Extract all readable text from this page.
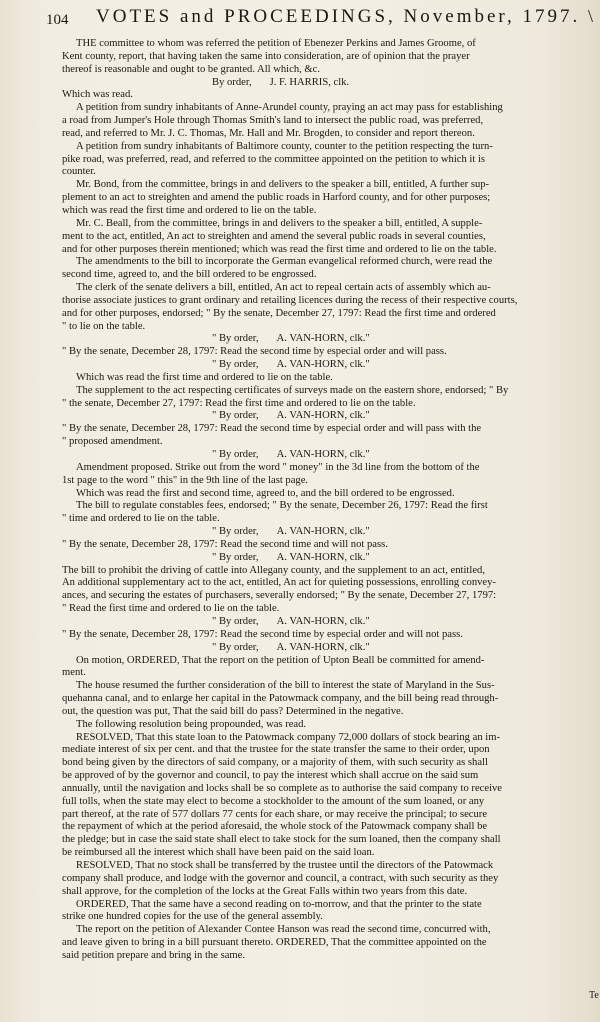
104 VOTES and PROCEEDINGS, November, 1797. \
THE committee to whom was referred the petition of Ebenezer Perkins and James Groome, of
Kent county, report, that having taken the same into consideration, are of opinion that the prayer
thereof is reasonable and ought to be granted. All which, &c.
By order, J. F. HARRIS, clk.
Which was read.
A petition from sundry inhabitants of Anne-Arundel county, praying an act may pass for establishing
a road from Jumper's Hole through Thomas Smith's land to intersect the public road, was preferred,
read, and referred to Mr. J. C. Thomas, Mr. Hall and Mr. Brogden, to consider and report thereon.
A petition from sundry inhabitants of Baltimore county, counter to the petition respecting the turn-
pike road, was preferred, read, and referred to the committee appointed on the petition to which it is
counter.
Mr. Bond, from the committee, brings in and delivers to the speaker a bill, entitled, A further sup-
plement to an act to streighten and amend the public roads in Harford county, and for other purposes;
which was read the first time and ordered to lie on the table.
Mr. C. Beall, from the committee, brings in and delivers to the speaker a bill, entitled, A supple-
ment to the act, entitled, An act to streighten and amend the several public roads in several counties,
and for other purposes therein mentioned; which was read the first time and ordered to lie on the table.
The amendments to the bill to incorporate the German evangelical reformed church, were read the
second time, agreed to, and the bill ordered to be engrossed.
The clerk of the senate delivers a bill, entitled, An act to repeal certain acts of assembly which au-
thorise associate justices to grant ordinary and retailing licences during the recess of their respective courts,
and for other purposes, endorsed; " By the senate, December 27, 1797: Read the first time and ordered
" to lie on the table.
" By order, A. VAN-HORN, clk."
" By the senate, December 28, 1797: Read the second time by especial order and will pass.
" By order, A. VAN-HORN, clk."
Which was read the first time and ordered to lie on the table.
The supplement to the act respecting certificates of surveys made on the eastern shore, endorsed; " By
" the senate, December 27, 1797: Read the first time and ordered to lie on the table.
" By order, A. VAN-HORN, clk."
" By the senate, December 28, 1797: Read the second time by especial order and will pass with the
" proposed amendment.
" By order, A. VAN-HORN, clk."
Amendment proposed. Strike out from the word " money" in the 3d line from the bottom of the
1st page to the word " this" in the 9th line of the last page.
Which was read the first and second time, agreed to, and the bill ordered to be engrossed.
The bill to regulate constables fees, endorsed; " By the senate, December 26, 1797: Read the first
" time and ordered to lie on the table.
" By order, A. VAN-HORN, clk."
" By the senate, December 28, 1797: Read the second time and will not pass.
" By order, A. VAN-HORN, clk."
The bill to prohibit the driving of cattle into Allegany county, and the supplement to an act, entitled,
An additional supplementary act to the act, entitled, An act for quieting possessions, enrolling convey-
ances, and securing the estates of purchasers, severally endorsed; " By the senate, December 27, 1797:
" Read the first time and ordered to lie on the table.
" By order, A. VAN-HORN, clk."
" By the senate, December 28, 1797: Read the second time by especial order and will not pass.
" By order, A. VAN-HORN, clk."
On motion, ORDERED, That the report on the petition of Upton Beall be committed for amend-
ment.
The house resumed the further consideration of the bill to interest the state of Maryland in the Sus-
quehanna canal, and to enlarge her capital in the Patowmack company, and the bill being read through-
out, the question was put, That the said bill do pass? Determined in the negative.
The following resolution being propounded, was read.
RESOLVED, That this state loan to the Patowmack company 72,000 dollars of stock bearing an im-
mediate interest of six per cent. and that the trustee for the state transfer the same to their order, upon
bond being given by the directors of said company, or a majority of them, with such security as shall
be approved of by the governor and council, to pay the interest which shall accrue on the said sum
annually, until the navigation and locks shall be so complete as to authorise the said company to receive
full tolls, when the state may elect to become a stockholder to the amount of the sum loaned, or any
part thereof, at the rate of 577 dollars 77 cents for each share, or may receive the principal; to secure
the repayment of which at the period aforesaid, the whole stock of the Patowmack company shall be
the pledge; but in case the said state shall elect to take stock for the sum loaned, then the company shall
be reimbursed all the interest which shall have been paid on the said loan.
RESOLVED, That no stock shall be transferred by the trustee until the directors of the Patowmack
company shall produce, and lodge with the governor and council, a contract, with such security as they
shall approve, for the completion of the locks at the Great Falls within two years from this date.
ORDERED, That the same have a second reading on to-morrow, and that the printer to the state
strike one hundred copies for the use of the general assembly.
The report on the petition of Alexander Contee Hanson was read the second time, concurred with,
and leave given to bring in a bill pursuant thereto. ORDERED, That the committee appointed on the
said petition prepare and bring in the same.
Te
